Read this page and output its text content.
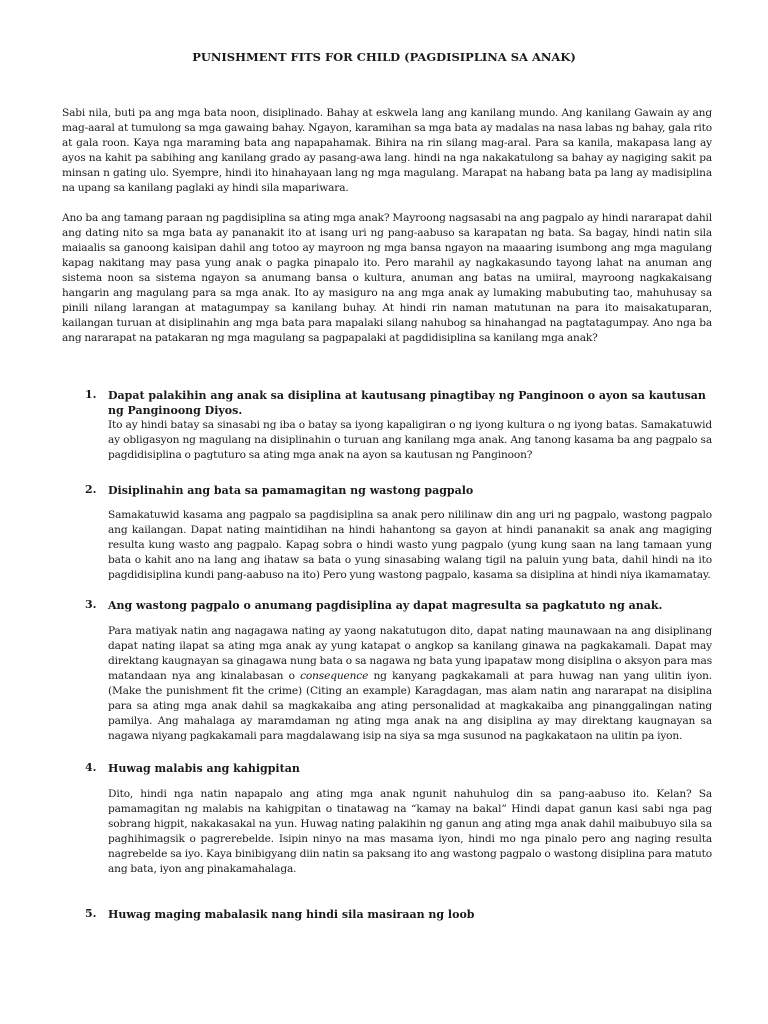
PUNISHMENT FITS FOR CHILD (PAGDISIPLINA SA ANAK)

Sabi nila, buti pa ang mga bata noon, disiplinado. Bahay at eskwela lang ang kanilang mundo. Ang kanilang Gawain ay ang mag-aaral at tumulong sa mga gawaing bahay. Ngayon, karamihan sa mga bata ay madalas na nasa labas ng bahay, gala rito at gala roon. Kaya nga maraming bata ang napapahamak. Bihira na rin silang mag-aral. Para sa kanila, makapasa lang ay ayos na kahit pa sabihing ang kanilang grado ay pasang-awa lang. hindi na nga nakakatulong sa bahay ay nagiging sakit pa minsan n gating ulo. Syempre, hindi ito hinahayaan lang ng mga magulang. Marapat na habang bata pa lang ay madisiplina na upang sa kanilang paglaki ay hindi sila mapariwara.

Ano ba ang tamang paraan ng pagdisiplina sa ating mga anak? Mayroong nagsasabi na ang pagpalo ay hindi nararapat dahil ang dating nito sa mga bata ay pananakit ito at isang uri ng pang-aabuso sa karapatan ng bata. Sa bagay, hindi natin sila maiaalis sa ganoong kaisipan dahil ang totoo ay mayroon ng mga bansa ngayon na maaaring isumbong ang mga magulang kapag nakitang may pasa yung anak o pagka pinapalo ito. Pero marahil ay nagkakasundo tayong lahat na anuman ang sistema noon sa sistema ngayon sa anumang bansa o kultura, anuman ang batas na umiiral, mayroong nagkakaisang hangarin ang magulang para sa mga anak. Ito ay masiguro na ang mga anak ay lumaking mabubuting tao, mahuhusay sa pinili nilang larangan at matagumpay sa kanilang buhay. At hindi rin naman matutunan na para ito maisakatuparan, kailangan turuan at disiplinahin ang mga bata para mapalaki silang nahubog sa hinahangad na pagtatagumpay. Ano nga ba ang nararapat na patakaran ng mga magulang sa pagpapalaki at pagdidisiplina sa kanilang mga anak?

1. Dapat palakihin ang anak sa disiplina at kautusang pinagtibay ng Panginoon o ayon sa kautusan ng Panginoong Diyos.

Ito ay hindi batay sa sinasabi ng iba o batay sa iyong kapaligiran o ng iyong kultura o ng iyong batas. Samakatuwid ay obligasyon ng magulang na disiplinahin o turuan ang kanilang mga anak. Ang tanong kasama ba ang pagpalo sa pagdidisiplina o pagtuturo sa ating mga anak na ayon sa kautusan ng Panginoon?

2. Disiplinahin ang bata sa pamamagitan ng wastong pagpalo

Samakatuwid kasama ang pagpalo sa pagdisiplina sa anak pero nililinaw din ang uri ng pagpalo, wastong pagpalo ang kailangan. Dapat nating maintidihan na hindi hahantong sa gayon at hindi pananakit sa anak ang magiging resulta kung wasto ang pagpalo. Kapag sobra o hindi wasto yung pagpalo (yung kung saan na lang tamaan yung bata o kahit ano na lang ang ihataw sa bata o yung sinasabing walang tigil na paluin yung bata, dahil hindi na ito pagdidisiplina kundi pang-aabuso na ito) Pero yung wastong pagpalo, kasama sa disiplina at hindi niya ikamamatay.

3. Ang wastong pagpalo o anumang pagdisiplina ay dapat magresulta sa pagkatuto ng anak.

Para matiyak natin ang nagagawa nating ay yaong nakatutugon dito, dapat nating maunawaan na ang disiplinang dapat nating ilapat sa ating mga anak ay yung katapat o angkop sa kanilang ginawa na pagkakamali. Dapat may direktang kaugnayan sa ginagawa nung bata o sa nagawa ng bata yung ipapataw mong disiplina o aksyon para mas matandaan nya ang kinalabasan o consequence ng kanyang pagkakamali at para huwag nan yang ulitin iyon. (Make the punishment fit the crime) (Citing an example) Karagdagan, mas alam natin ang nararapat na disiplina para sa ating mga anak dahil sa magkakaiba ang ating personalidad at magkakaiba ang pinanggalingan nating pamilya. Ang mahalaga ay maramdaman ng ating mga anak na ang disiplina ay may direktang kaugnayan sa nagawa niyang pagkakamali para magdalawang isip na siya sa mga susunod na pagkakataon na ulitin pa iyon.

4. Huwag malabis ang kahigpitan

Dito, hindi nga natin napapalo ang ating mga anak ngunit nahuhulog din sa pang-aabuso ito. Kelan? Sa pamamagitan ng malabis na kahigpitan o tinatawag na “kamay na bakal” Hindi dapat ganun kasi sabi nga pag sobrang higpit, nakakasakal na yun. Huwag nating palakihin ng ganun ang ating mga anak dahil maibubuyo sila sa paghihimagsik o pagrerebelde. Isipin ninyo na mas masama iyon, hindi mo nga pinalo pero ang naging resulta nagrebelde sa iyo. Kaya binibigyang diin natin sa paksang ito ang wastong pagpalo o wastong disiplina para matuto ang bata, iyon ang pinakamahalaga.

5. Huwag maging mabalasik nang hindi sila masiraan ng loob
